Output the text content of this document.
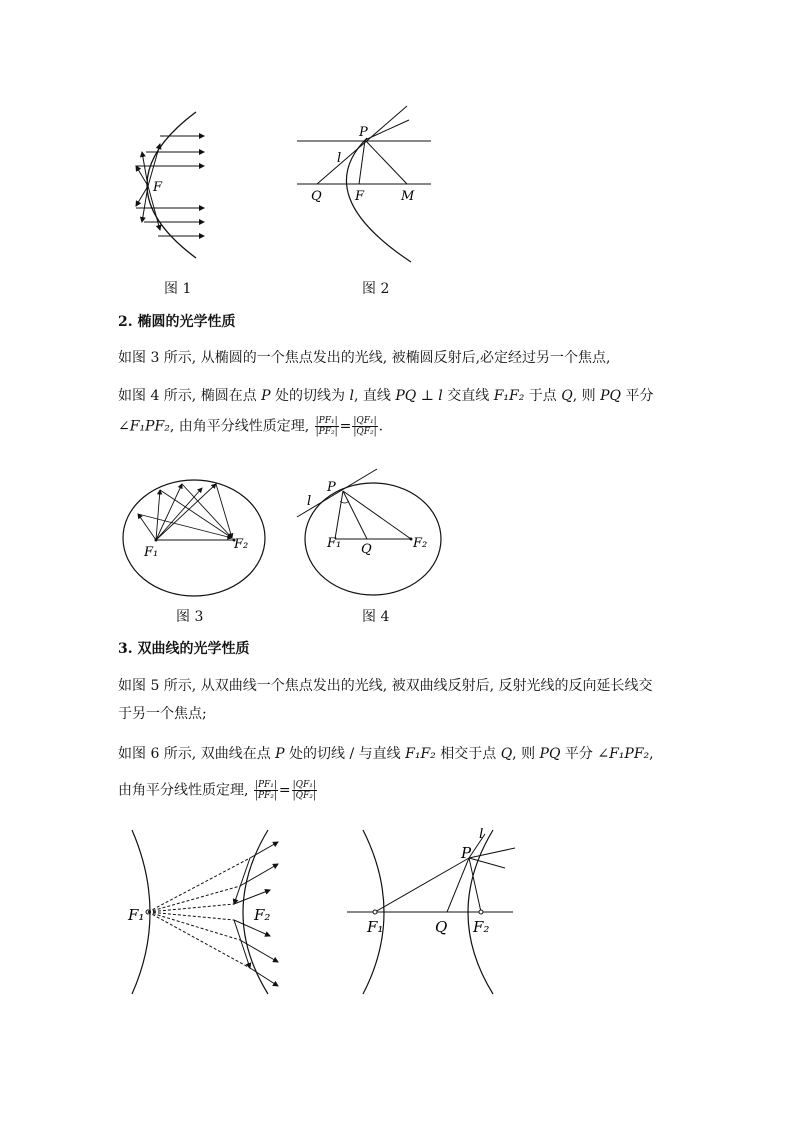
F
图 1
P
l
Q	F	M
图 2
2. 椭圆的光学性质
如图 3 所示, 从椭圆的一个焦点发出的光线, 被椭圆反射后,必定经过另一个焦点,
如图 4 所示, 椭圆在点 P 处的切线为 l, 直线 PQ ⊥ l 交直线 F₁F₂ 于点 Q, 则 PQ 平分
∠F₁PF₂, 由角平分线性质定理, $\frac{\text{|PF₁|}}{\text{|PF₂|}} = \frac{\text{|QF₁|}}{\text{|QF₂|}}$ .
F₁
F₂
图 3
l
P
F₁ Q	F₂
图 4
3. 双曲线的光学性质
如图 5 所示, 从双曲线一个焦点发出的光线, 被双曲线反射后, 反射光线的反向延长线交
于另一个焦点;
如图 6 所示, 双曲线在点 P 处的切线 / 与直线 F₁F₂ 相交于点 Q, 则 PQ 平分 ∠F₁PF₂,
由角平分线性质定理, $\frac{\text{|PF₁|}}{\text{|PF₂|}} = \frac{\text{|QF₁|}}{\text{|QF₂|}}$
F₁	F₂
l
P
F₁	Q F₂
